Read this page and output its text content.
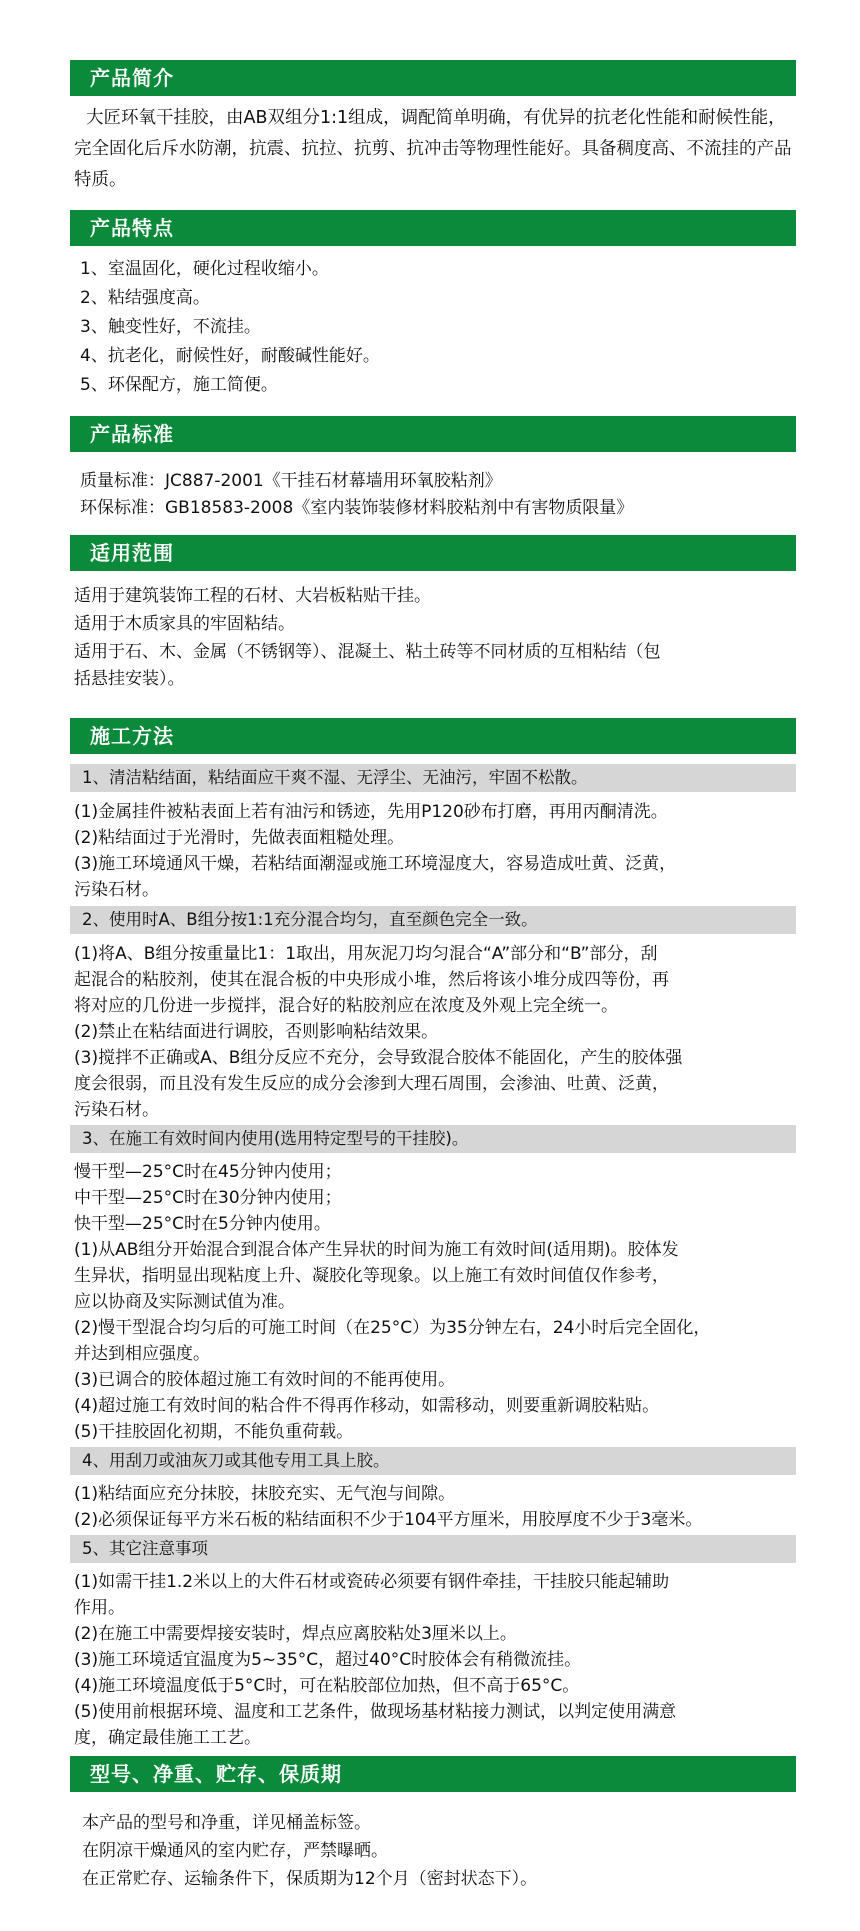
产品简介
大匠环氧干挂胶，由AB双组分1:1组成，调配简单明确，有优异的抗老化性能和耐候性能，完全固化后斥水防潮，抗震、抗拉、抗剪、抗冲击等物理性能好。具备稠度高、不流挂的产品特质。
产品特点
1、室温固化，硬化过程收缩小。
2、粘结强度高。
3、触变性好，不流挂。
4、抗老化，耐候性好，耐酸碱性能好。
5、环保配方，施工简便。
产品标准
质量标准：JC887-2001《干挂石材幕墙用环氧胶粘剂》
环保标准：GB18583-2008《室内装饰装修材料胶粘剂中有害物质限量》
适用范围
适用于建筑装饰工程的石材、大岩板粘贴干挂。
适用于木质家具的牢固粘结。
适用于石、木、金属（不锈钢等）、混凝土、粘土砖等不同材质的互相粘结（包
括悬挂安装）。
施工方法
1、清洁粘结面，粘结面应干爽不湿、无浮尘、无油污，牢固不松散。
(1)金属挂件被粘表面上若有油污和锈迹，先用P120砂布打磨，再用丙酮清洗。
(2)粘结面过于光滑时，先做表面粗糙处理。
(3)施工环境通风干燥，若粘结面潮湿或施工环境湿度大，容易造成吐黄、泛黄，
污染石材。
2、使用时A、B组分按1:1充分混合均匀，直至颜色完全一致。
(1)将A、B组分按重量比1：1取出，用灰泥刀均匀混合“A”部分和“B”部分，刮
起混合的粘胶剂，使其在混合板的中央形成小堆，然后将该小堆分成四等份，再
将对应的几份进一步搅拌，混合好的粘胶剂应在浓度及外观上完全统一。
(2)禁止在粘结面进行调胶，否则影响粘结效果。
(3)搅拌不正确或A、B组分反应不充分，会导致混合胶体不能固化，产生的胶体强
度会很弱，而且没有发生反应的成分会渗到大理石周围，会渗油、吐黄、泛黄，
污染石材。
3、在施工有效时间内使用(选用特定型号的干挂胶)。
慢干型—25°C时在45分钟内使用；
中干型—25°C时在30分钟内使用；
快干型—25°C时在5分钟内使用。
(1)从AB组分开始混合到混合体产生异状的时间为施工有效时间(适用期)。胶体发
生异状，指明显出现粘度上升、凝胶化等现象。以上施工有效时间值仅作参考，
应以协商及实际测试值为准。
(2)慢干型混合均匀后的可施工时间（在25°C）为35分钟左右，24小时后完全固化，
并达到相应强度。
(3)已调合的胶体超过施工有效时间的不能再使用。
(4)超过施工有效时间的粘合件不得再作移动，如需移动，则要重新调胶粘贴。
(5)干挂胶固化初期，不能负重荷载。
4、用刮刀或油灰刀或其他专用工具上胶。
(1)粘结面应充分抹胶，抹胶充实、无气泡与间隙。
(2)必须保证每平方米石板的粘结面积不少于104平方厘米，用胶厚度不少于3毫米。
5、其它注意事项
(1)如需干挂1.2米以上的大件石材或瓷砖必须要有钢件牵挂，干挂胶只能起辅助
作用。
(2)在施工中需要焊接安装时，焊点应离胶粘处3厘米以上。
(3)施工环境适宜温度为5~35°C，超过40°C时胶体会有稍微流挂。
(4)施工环境温度低于5°C时，可在粘胶部位加热，但不高于65°C。
(5)使用前根据环境、温度和工艺条件，做现场基材粘接力测试，以判定使用满意
度，确定最佳施工工艺。
型号、净重、贮存、保质期
本产品的型号和净重，详见桶盖标签。
在阴凉干燥通风的室内贮存，严禁曝晒。
在正常贮存、运输条件下，保质期为12个月（密封状态下）。
